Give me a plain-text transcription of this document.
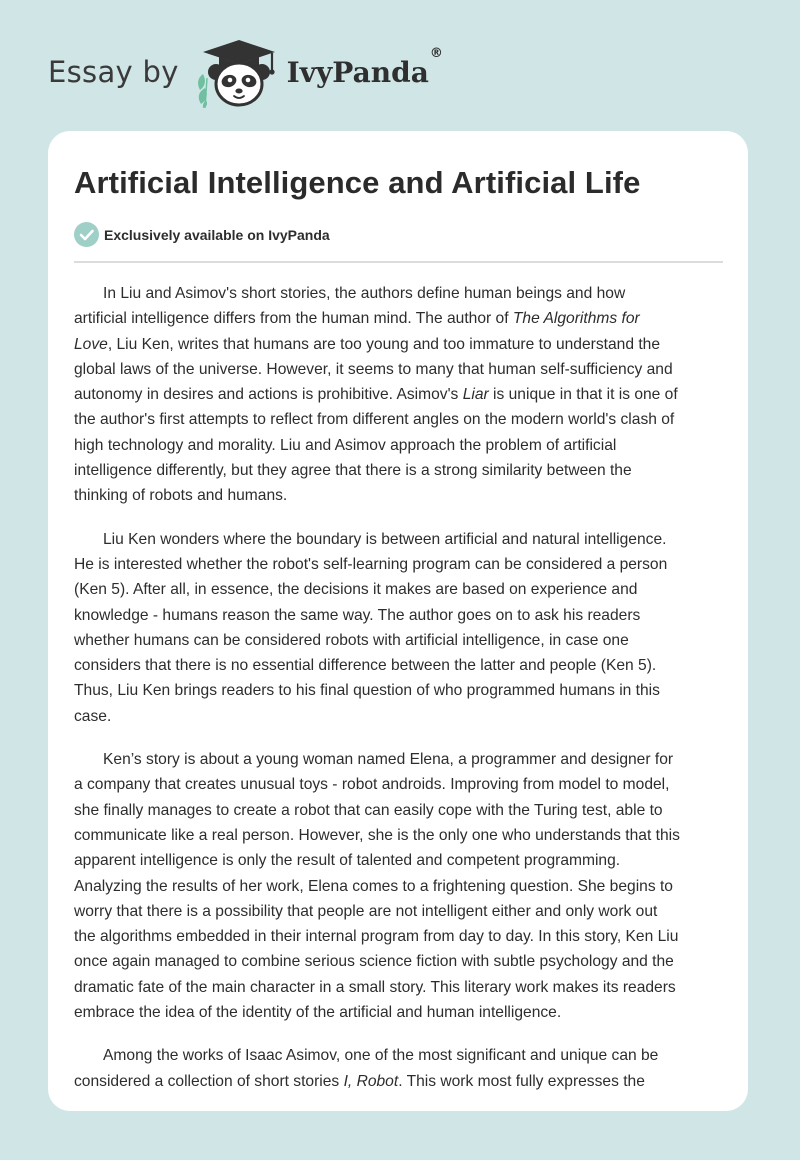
Essay by	IvyPanda®
Artificial Intelligence and Artificial Life
Exclusively available on IvyPanda

In Liu and Asimov's short stories, the authors define human beings and how
artificial intelligence differs from the human mind. The author of The Algorithms for
Love, Liu Ken, writes that humans are too young and too immature to understand the
global laws of the universe. However, it seems to many that human self-sufficiency and
autonomy in desires and actions is prohibitive. Asimov's Liar is unique in that it is one of
the author's first attempts to reflect from different angles on the modern world's clash of
high technology and morality. Liu and Asimov approach the problem of artificial
intelligence differently, but they agree that there is a strong similarity between the
thinking of robots and humans.

Liu Ken wonders where the boundary is between artificial and natural intelligence.
He is interested whether the robot's self-learning program can be considered a person
(Ken 5). After all, in essence, the decisions it makes are based on experience and
knowledge - humans reason the same way. The author goes on to ask his readers
whether humans can be considered robots with artificial intelligence, in case one
considers that there is no essential difference between the latter and people (Ken 5).
Thus, Liu Ken brings readers to his final question of who programmed humans in this
case.

Ken’s story is about a young woman named Elena, a programmer and designer for
a company that creates unusual toys - robot androids. Improving from model to model,
she finally manages to create a robot that can easily cope with the Turing test, able to
communicate like a real person. However, she is the only one who understands that this
apparent intelligence is only the result of talented and competent programming.
Analyzing the results of her work, Elena comes to a frightening question. She begins to
worry that there is a possibility that people are not intelligent either and only work out
the algorithms embedded in their internal program from day to day. In this story, Ken Liu
once again managed to combine serious science fiction with subtle psychology and the
dramatic fate of the main character in a small story. This literary work makes its readers
embrace the idea of the identity of the artificial and human intelligence.

Among the works of Isaac Asimov, one of the most significant and unique can be
considered a collection of short stories I, Robot. This work most fully expresses the
